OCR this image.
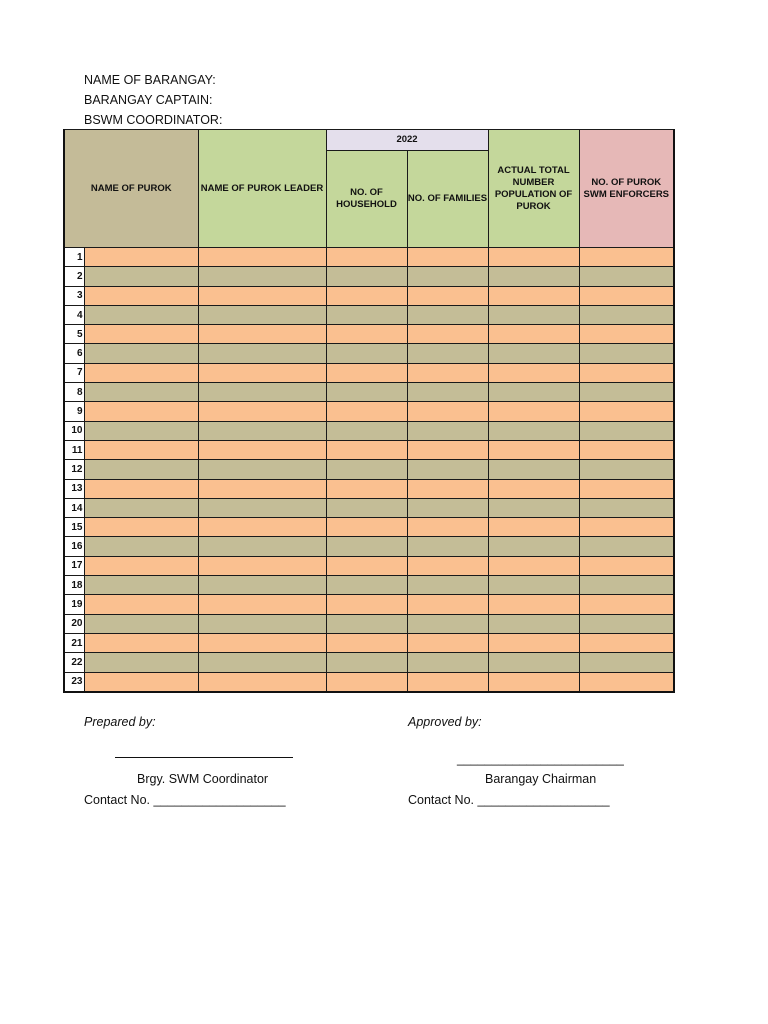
NAME OF BARANGAY:
BARANGAY CAPTAIN:
BSWM COORDINATOR:
NAME OF PUROK		NAME OF PUROK LEADER	2022		ACTUAL TOTAL NUMBER POPULATION OF PUROK	NO. OF PUROK SWM ENFORCERS
			NO. OF HOUSEHOLD	NO. OF FAMILIES		
1						
2						
3						
4						
5						
6						
7						
8						
9						
10						
11						
12						
13						
14						
15						
16						
17						
18						
19						
20						
21						
22						
23						
Prepared by:	Approved by:
________________________
Brgy. SWM Coordinator	Barangay Chairman
Contact No. ___________________	Contact No. ___________________
